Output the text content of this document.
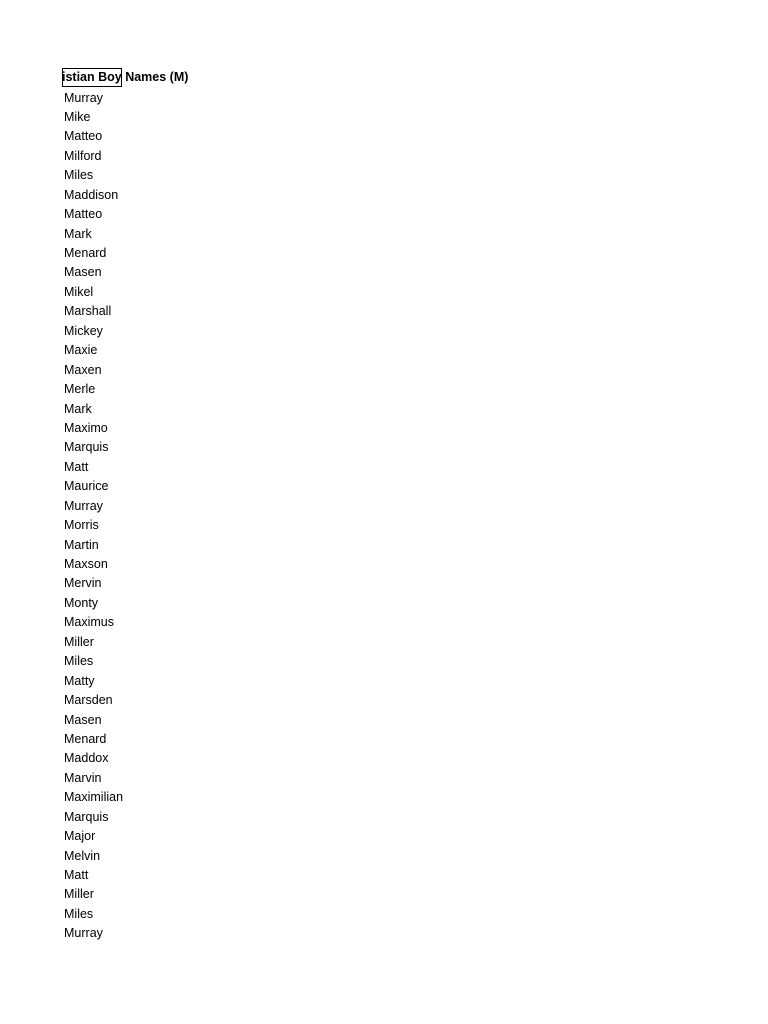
istian Boy Names (M)
Murray
Mike
Matteo
Milford
Miles
Maddison
Matteo
Mark
Menard
Masen
Mikel
Marshall
Mickey
Maxie
Maxen
Merle
Mark
Maximo
Marquis
Matt
Maurice
Murray
Morris
Martin
Maxson
Mervin
Monty
Maximus
Miller
Miles
Matty
Marsden
Masen
Menard
Maddox
Marvin
Maximilian
Marquis
Major
Melvin
Matt
Miller
Miles
Murray
